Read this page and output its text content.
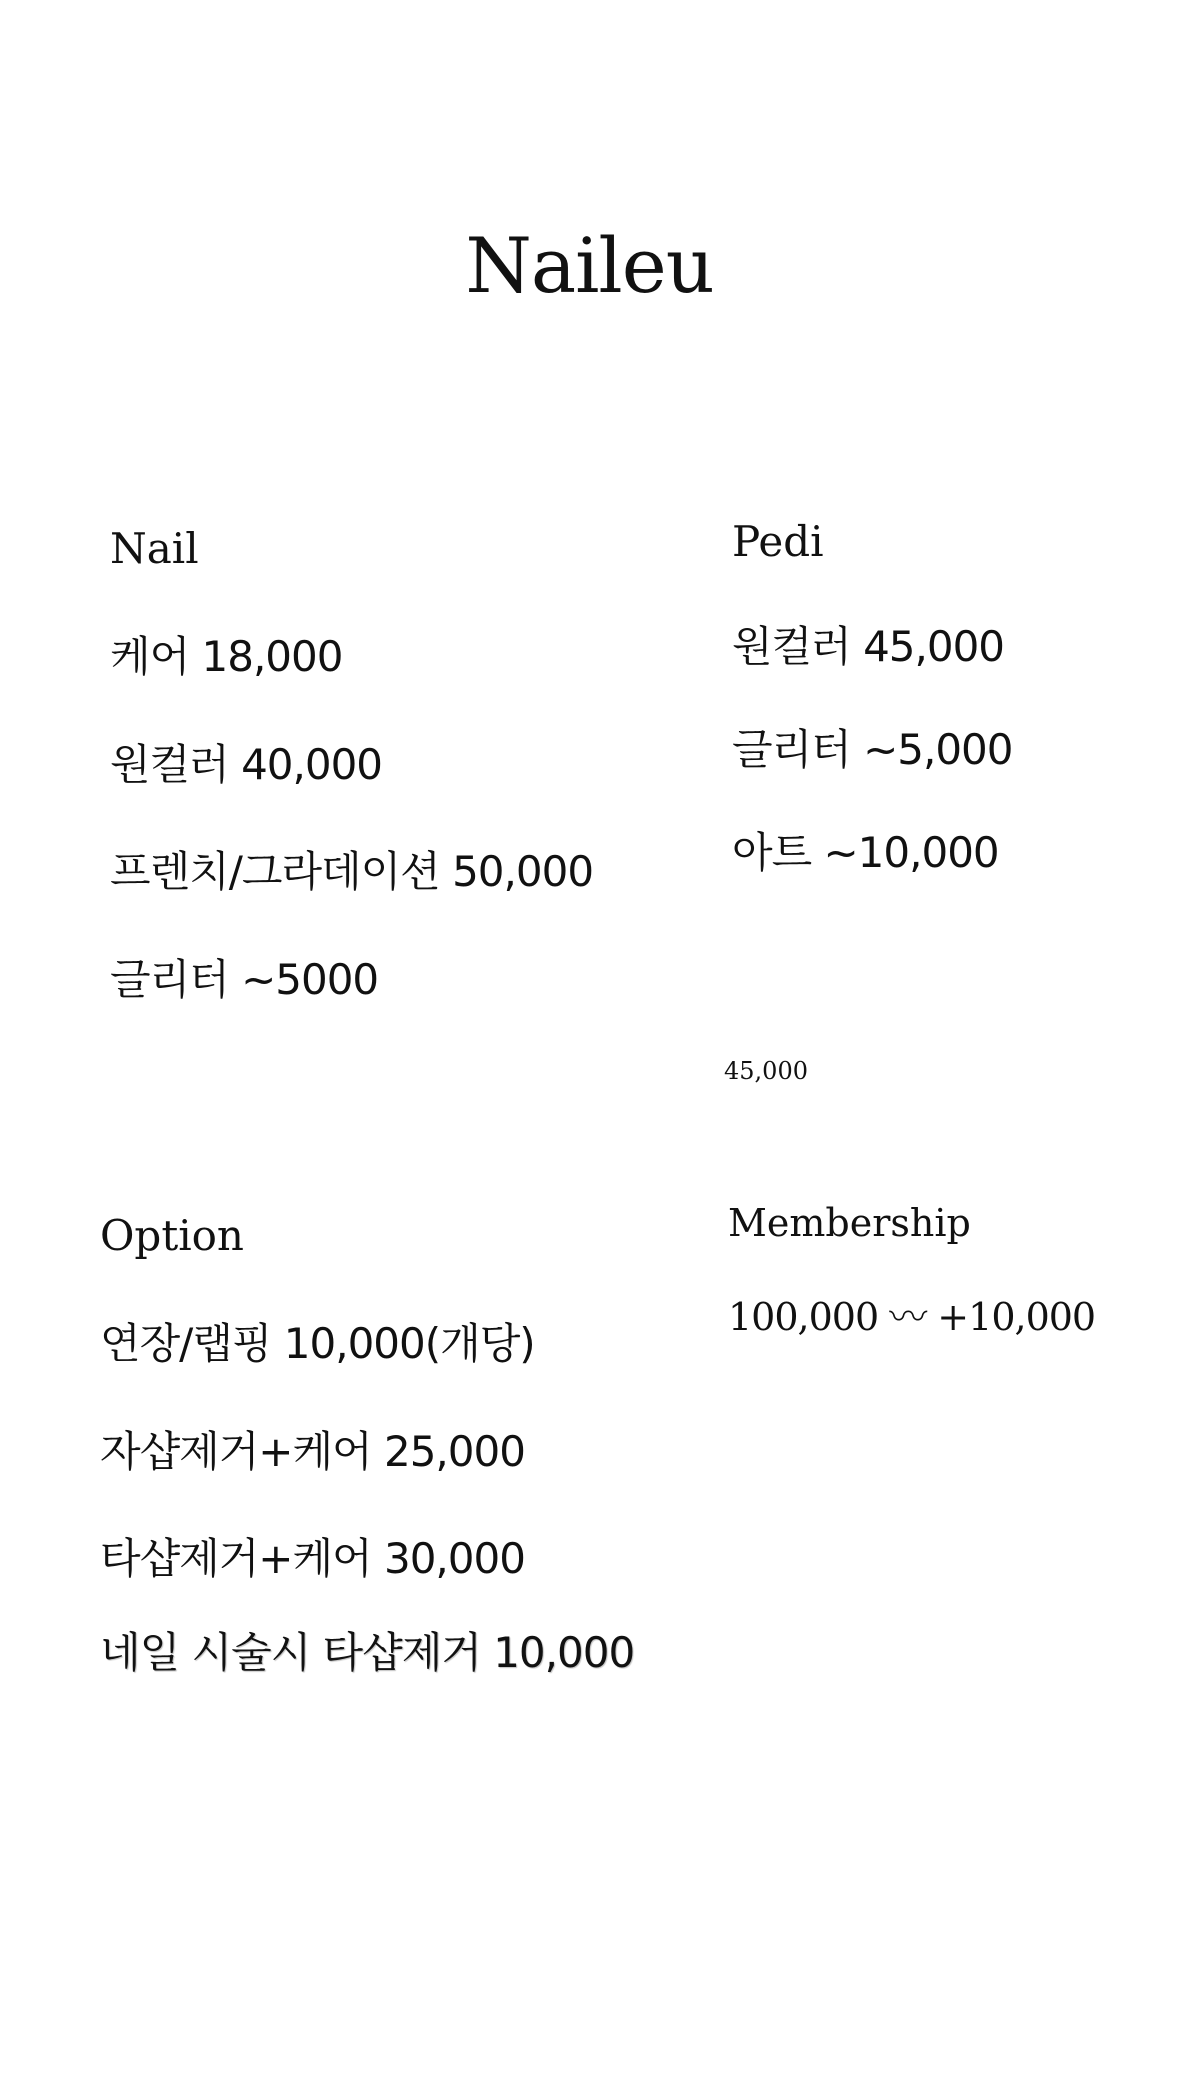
Naileu
Nail
케어 18,000
원컬러 40,000
프렌치/그라데이션 50,000
글리터 ~5000
Pedi
원컬러 45,000
글리터 ~5,000
아트 ~10,000
45,000
Option
연장/랩핑 10,000(개당)
자샵제거+케어 25,000
타샵제거+케어 30,000
네일 시술시 타샵제거 10,000
Membership
100,000 〰 +10,000
